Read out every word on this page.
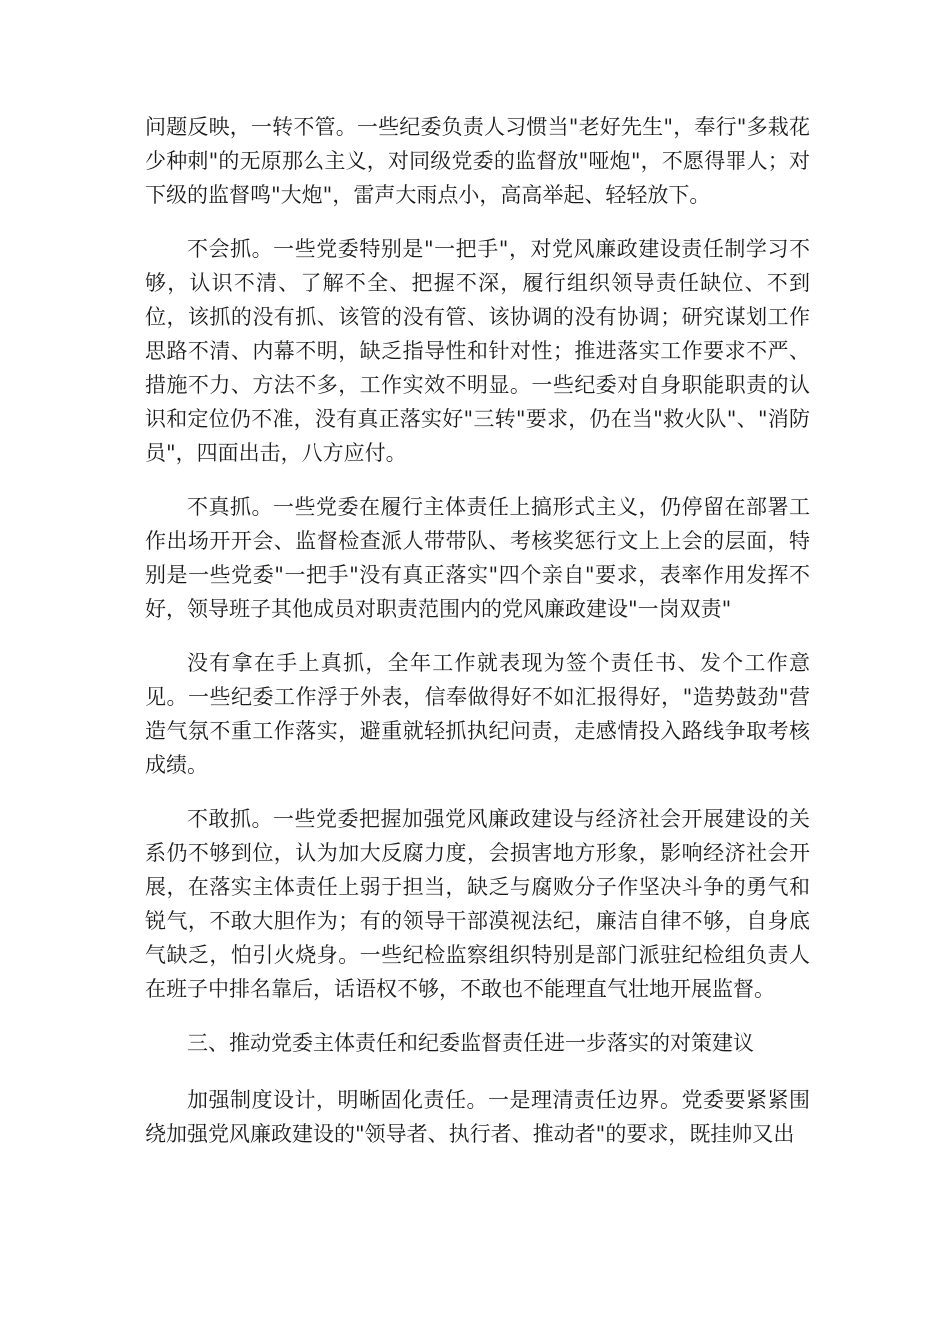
问题反映，一转不管。一些纪委负责人习惯当"老好先生"，奉行"多栽花少种刺"的无原那么主义，对同级党委的监督放"哑炮"，不愿得罪人；对下级的监督鸣"大炮"，雷声大雨点小，高高举起、轻轻放下。

不会抓。一些党委特别是"一把手"，对党风廉政建设责任制学习不够，认识不清、了解不全、把握不深，履行组织领导责任缺位、不到位，该抓的没有抓、该管的没有管、该协调的没有协调；研究谋划工作思路不清、内幕不明，缺乏指导性和针对性；推进落实工作要求不严、措施不力、方法不多，工作实效不明显。一些纪委对自身职能职责的认识和定位仍不准，没有真正落实好"三转"要求，仍在当"救火队"、"消防员"，四面出击，八方应付。

不真抓。一些党委在履行主体责任上搞形式主义，仍停留在部署工作出场开开会、监督检查派人带带队、考核奖惩行文上上会的层面，特别是一些党委"一把手"没有真正落实"四个亲自"要求，表率作用发挥不好，领导班子其他成员对职责范围内的党风廉政建设"一岗双责"

没有拿在手上真抓，全年工作就表现为签个责任书、发个工作意见。一些纪委工作浮于外表，信奉做得好不如汇报得好，"造势鼓劲"营造气氛不重工作落实，避重就轻抓执纪问责，走感情投入路线争取考核成绩。

不敢抓。一些党委把握加强党风廉政建设与经济社会开展建设的关系仍不够到位，认为加大反腐力度，会损害地方形象，影响经济社会开展，在落实主体责任上弱于担当，缺乏与腐败分子作坚决斗争的勇气和锐气，不敢大胆作为；有的领导干部漠视法纪，廉洁自律不够，自身底气缺乏，怕引火烧身。一些纪检监察组织特别是部门派驻纪检组负责人在班子中排名靠后，话语权不够，不敢也不能理直气壮地开展监督。

三、推动党委主体责任和纪委监督责任进一步落实的对策建议

加强制度设计，明晰固化责任。一是理清责任边界。党委要紧紧围绕加强党风廉政建设的"领导者、执行者、推动者"的要求，既挂帅又出
